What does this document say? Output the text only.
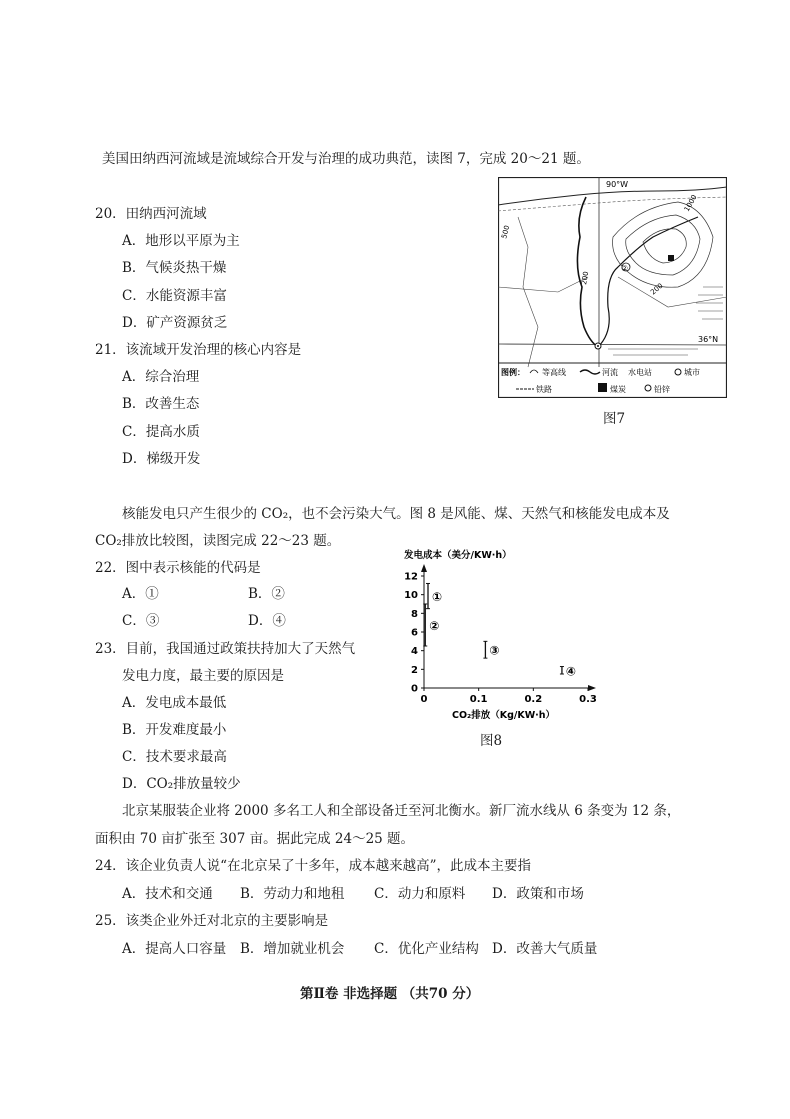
美国田纳西河流域是流域综合开发与治理的成功典范，读图 7，完成 20～21 题。
20．田纳西河流域
A．地形以平原为主
B．气候炎热干燥
C．水能资源丰富
D．矿产资源贫乏
21．该流域开发治理的核心内容是
A．综合治理
B．改善生态
C．提高水质
D．梯级开发
②
90°W
36°N
500
200
1000
200
图例： 等高线	河流 水电站	城市
铁路	煤炭	铅锌
图7
核能发电只产生很少的 CO₂，也不会污染大气。图 8 是风能、煤、天然气和核能发电成本及
CO₂排放比较图，读图完成 22～23 题。
22．图中表示核能的代码是
A．①	B．②
C．③	D．④
23．目前，我国通过政策扶持加大了天然气
发电力度，最主要的原因是
A．发电成本最低
B．开发难度最小
C．技术要求最高
D．CO₂排放量较少
发电成本（美分/KW·h）
0
2
4
6
8
10
12
0	0.1	0.2	0.3
①
②
③
④
CO₂排放（Kg/KW·h）
图8
北京某服装企业将 2000 多名工人和全部设备迁至河北衡水。新厂流水线从 6 条变为 12 条，
面积由 70 亩扩张至 307 亩。据此完成 24～25 题。
24．该企业负责人说“在北京呆了十多年，成本越来越高”，此成本主要指
A．技术和交通 B．劳动力和地租 C．动力和原料 D．政策和市场
25．该类企业外迁对北京的主要影响是
A．提高人口容量 B．增加就业机会 C．优化产业结构 D．改善大气质量
第Ⅱ卷 非选择题 （共70 分）
